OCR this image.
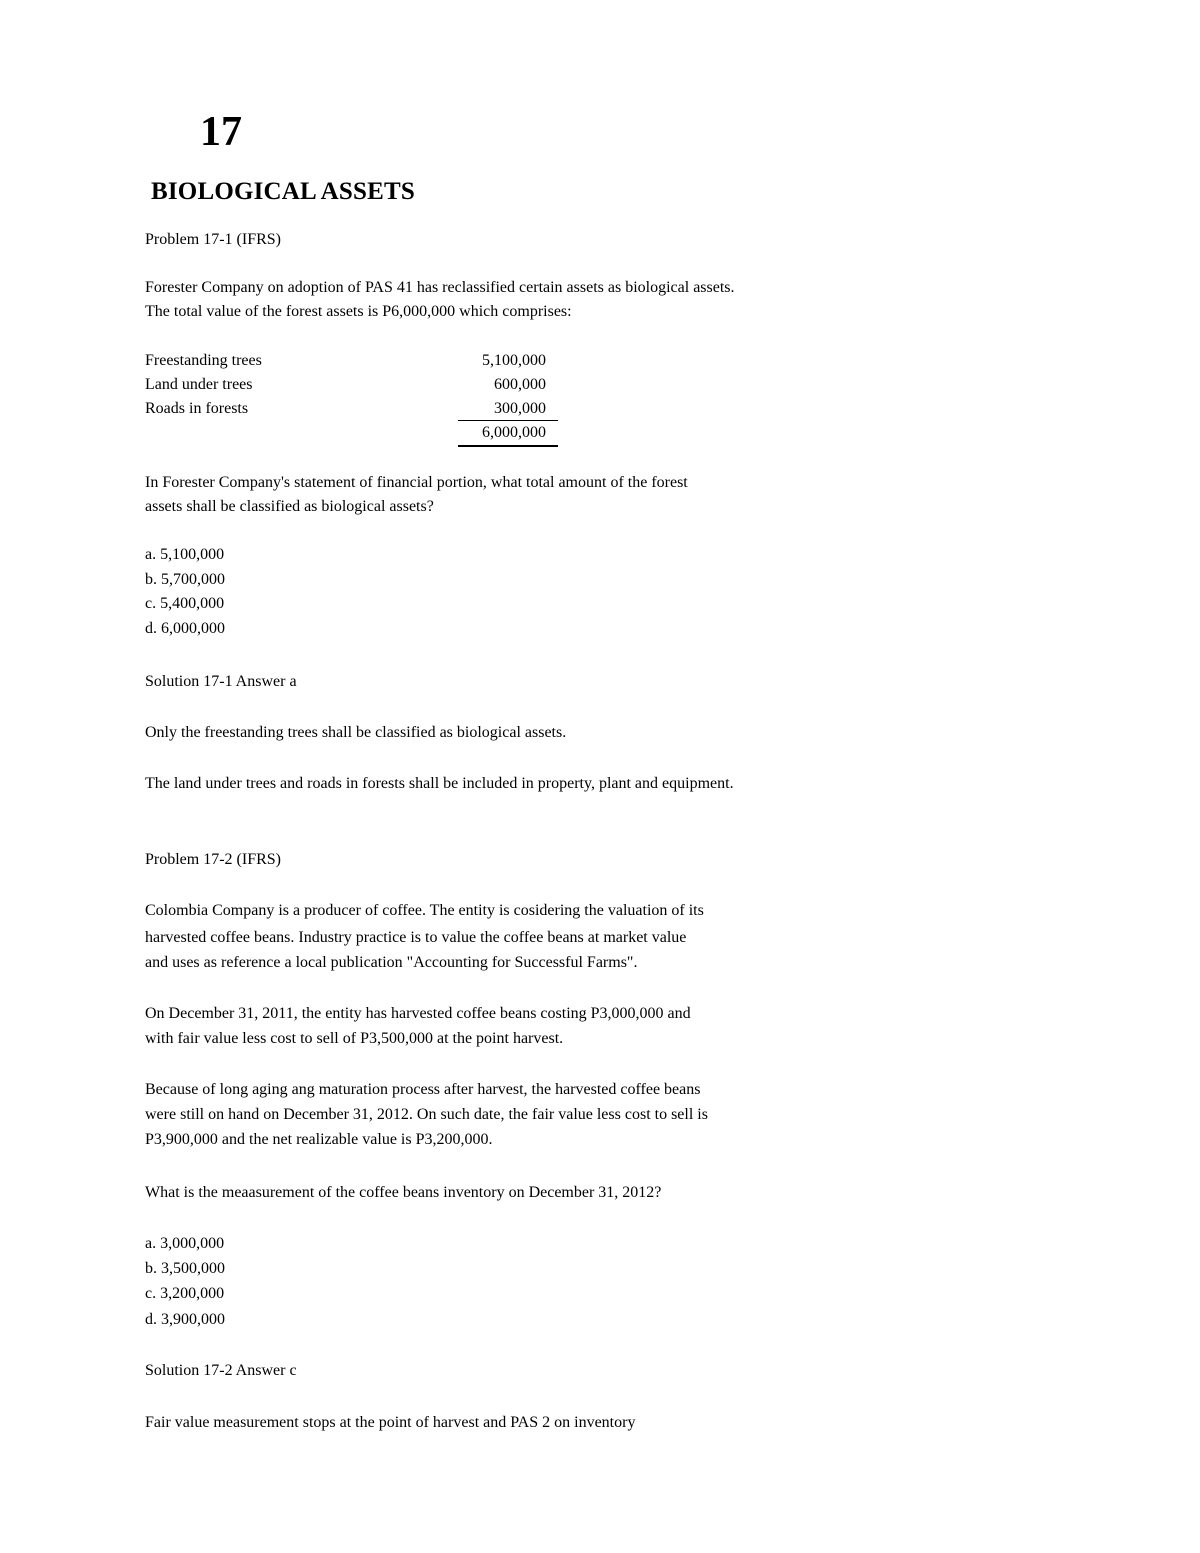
17
BIOLOGICAL ASSETS
Problem 17-1 (IFRS)
Forester Company on adoption of PAS 41 has reclassified certain assets as biological assets.
The total value of the forest assets is P6,000,000 which comprises:
Freestanding trees	5,100,000
Land under trees	600,000
Roads in forests	300,000
6,000,000
In Forester Company's statement of financial portion, what total amount of the forest
assets shall be classified as biological assets?
a. 5,100,000
b. 5,700,000
c. 5,400,000
d. 6,000,000
Solution 17-1 Answer a
Only the freestanding trees shall be classified as biological assets.
The land under trees and roads in forests shall be included in property, plant and equipment.
Problem 17-2 (IFRS)
Colombia Company is a producer of coffee. The entity is cosidering the valuation of its
harvested coffee beans. Industry practice is to value the coffee beans at market value
and uses as reference a local publication "Accounting for Successful Farms".
On December 31, 2011, the entity has harvested coffee beans costing P3,000,000 and
with fair value less cost to sell of P3,500,000 at the point harvest.
Because of long aging ang maturation process after harvest, the harvested coffee beans
were still on hand on December 31, 2012. On such date, the fair value less cost to sell is
P3,900,000 and the net realizable value is P3,200,000.
What is the meaasurement of the coffee beans inventory on December 31, 2012?
a. 3,000,000
b. 3,500,000
c. 3,200,000
d. 3,900,000
Solution 17-2 Answer c
Fair value measurement stops at the point of harvest and PAS 2 on inventory
